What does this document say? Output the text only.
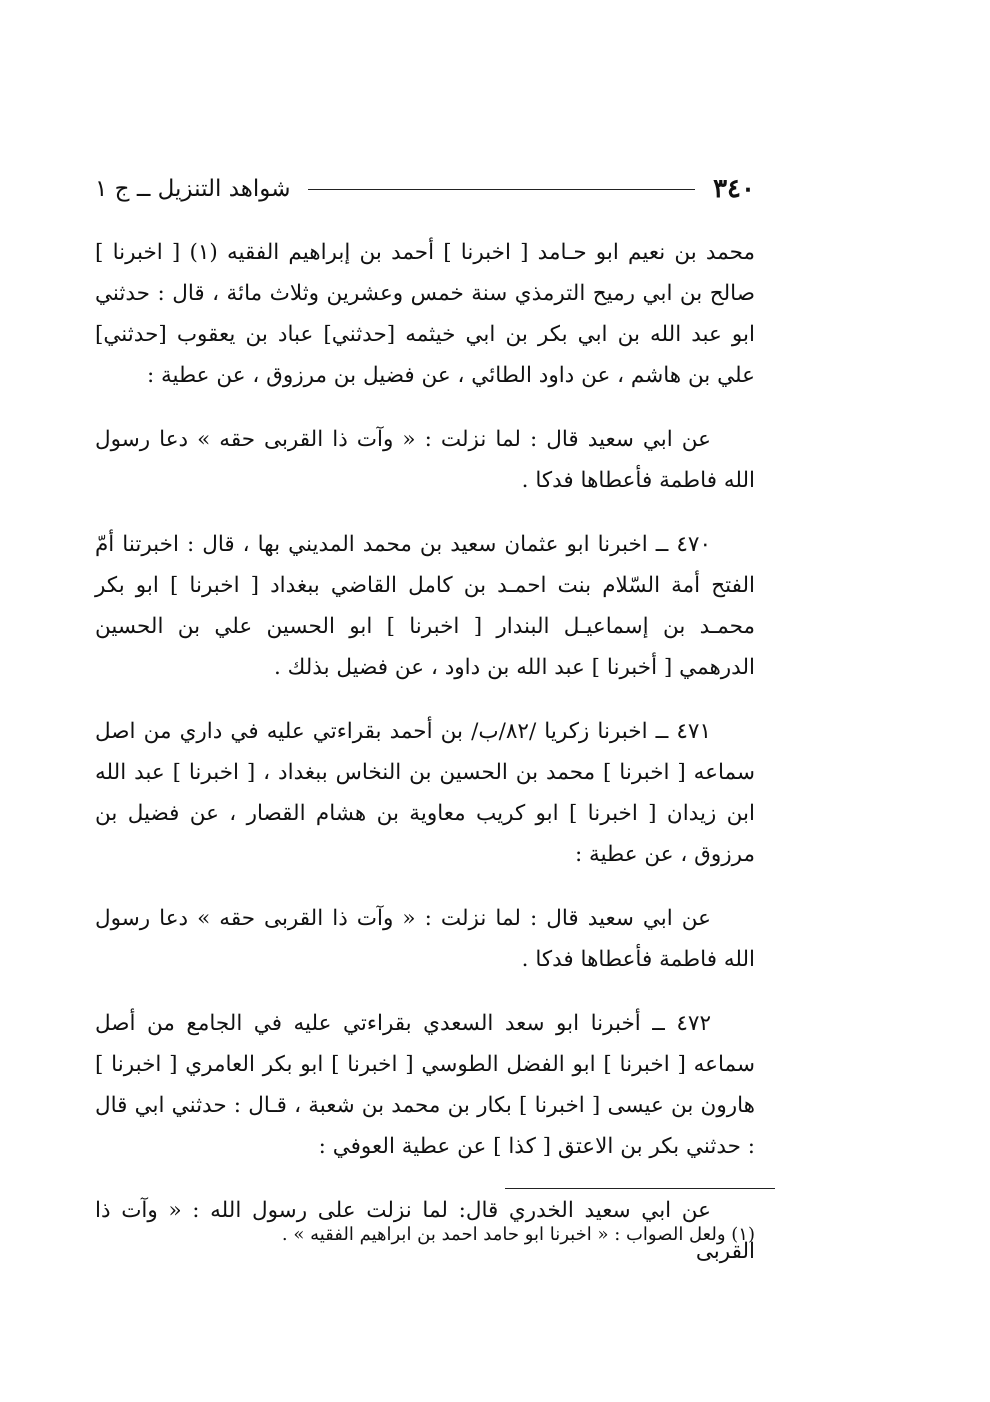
٣٤٠
شواهد التنزيل ــ ج ١

محمد بن نعيم ابو حـامد [ اخبرنا ] أحمد بن إبراهيم الفقيه (١) [ اخبرنا ] صالح بن ابي رميح الترمذي سنة خمس وعشرين وثلاث مائة ، قال : حدثني ابو عبد الله بن ابي بكر بن ابي خيثمه [حدثني] عباد بن يعقوب [حدثني] علي بن هاشم ، عن داود الطائي ، عن فضيل بن مرزوق ، عن عطية :

عن ابي سعيد قال : لما نزلت : « وآت ذا القربى حقه » دعا رسول الله فاطمة فأعطاها فدكا .

٤٧٠ ــ اخبرنا ابو عثمان سعيد بن محمد المديني بها ، قال : اخبرتنا أمّ الفتح أمة السّلام بنت احمـد بن كامل القاضي ببغداد [ اخبرنا ] ابو بكر محمـد بن إسماعيـل البندار [ اخبرنا ] ابو الحسين علي بن الحسين الدرهمي [ أخبرنا ] عبد الله بن داود ، عن فضيل بذلك .

٤٧١ ــ اخبرنا زكريا /٨٢/ب/ بن أحمد بقراءتي عليه في داري من اصل سماعه [ اخبرنا ] محمد بن الحسين بن النخاس ببغداد ، [ اخبرنا ] عبد الله ابن زيدان [ اخبرنا ] ابو كريب معاوية بن هشام القصار ، عن فضيل بن مرزوق ، عن عطية :

عن ابي سعيد قال : لما نزلت : « وآت ذا القربى حقه » دعا رسول الله فاطمة فأعطاها فدكا .

٤٧٢ ــ أخبرنا ابو سعد السعدي بقراءتي عليه في الجامع من أصل سماعه [ اخبرنا ] ابو الفضل الطوسي [ اخبرنا ] ابو بكر العامري [ اخبرنا ] هارون بن عيسى [ اخبرنا ] بكار بن محمد بن شعبة ، قـال : حدثني ابي قال : حدثني بكر بن الاعتق [ كذا ] عن عطية العوفي :

عن ابي سعيد الخدري قال: لما نزلت على رسول الله : « وآت ذا القربى

(١) ولعل الصواب : « اخبرنا ابو حامد احمد بن ابراهيم الفقيه » .
